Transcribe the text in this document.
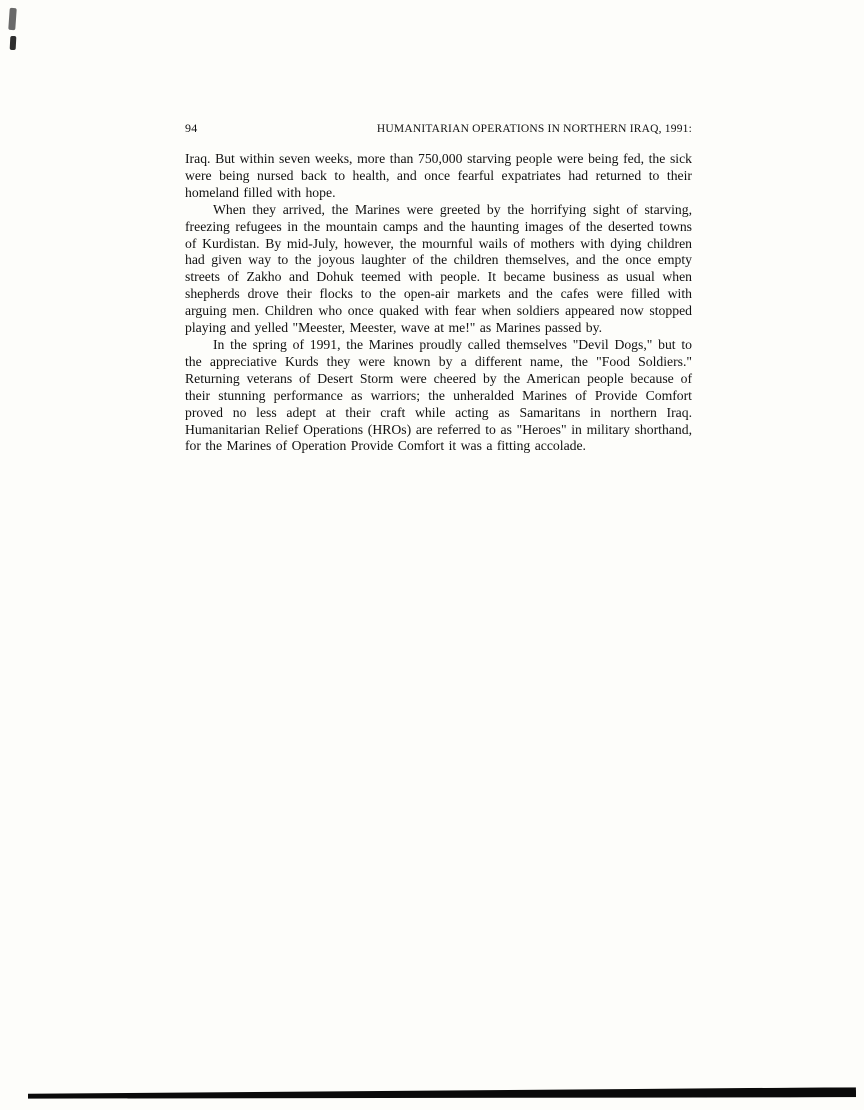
94	HUMANITARIAN OPERATIONS IN NORTHERN IRAQ, 1991:

Iraq. But within seven weeks, more than 750,000 starving people were being fed, the sick were being nursed back to health, and once fearful expatriates had returned to their homeland filled with hope.

When they arrived, the Marines were greeted by the horrifying sight of starving, freezing refugees in the mountain camps and the haunting images of the deserted towns of Kurdistan. By mid-July, however, the mournful wails of mothers with dying children had given way to the joyous laughter of the children themselves, and the once empty streets of Zakho and Dohuk teemed with people. It became business as usual when shepherds drove their flocks to the open-air markets and the cafes were filled with arguing men. Children who once quaked with fear when soldiers appeared now stopped playing and yelled "Meester, Meester, wave at me!" as Marines passed by.

In the spring of 1991, the Marines proudly called themselves "Devil Dogs," but to the appreciative Kurds they were known by a different name, the "Food Soldiers." Returning veterans of Desert Storm were cheered by the American people because of their stunning performance as warriors; the unheralded Marines of Provide Comfort proved no less adept at their craft while acting as Samaritans in northern Iraq. Humanitarian Relief Operations (HROs) are referred to as "Heroes" in military shorthand, for the Marines of Operation Provide Comfort it was a fitting accolade.
